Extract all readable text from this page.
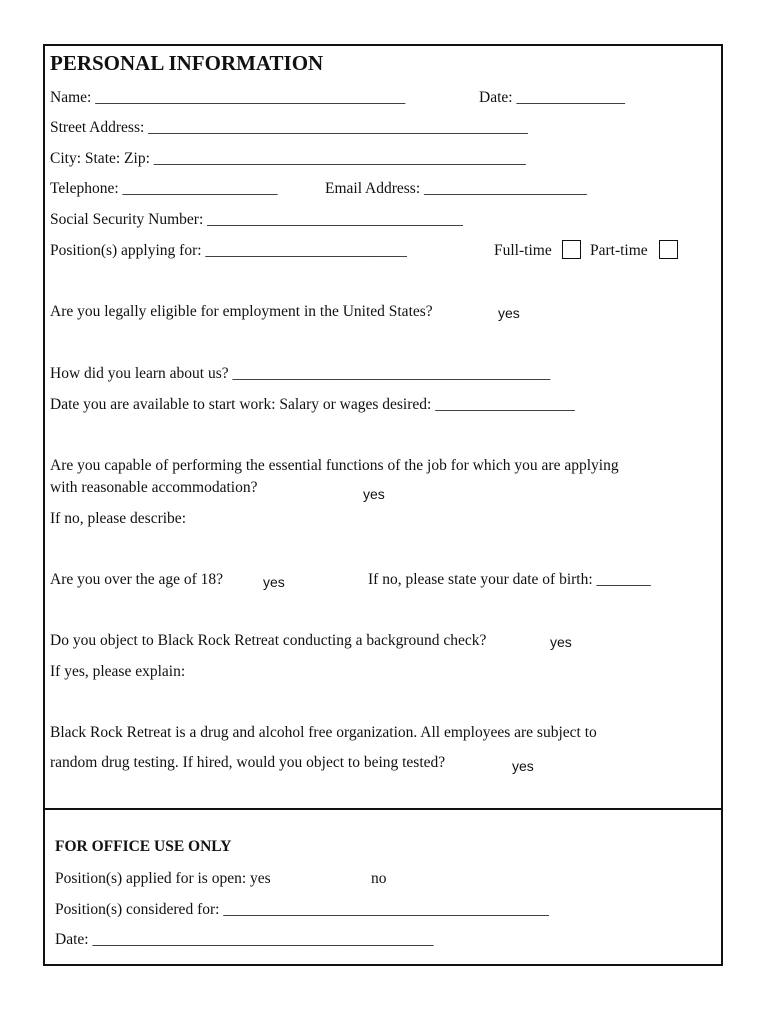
PERSONAL INFORMATION
Name: ________________________________________	Date: ______________
Street Address: _________________________________________________
City: State: Zip: ________________________________________________
Telephone: ____________________	Email Address: _____________________
Social Security Number: _________________________________
Position(s) applying for: __________________________	Full-time Part-time
Are you legally eligible for employment in the United States?	yes
How did you learn about us? _________________________________________
Date you are available to start work: Salary or wages desired: __________________
Are you capable of performing the essential functions of the job for which you are applying
with reasonable accommodation?	yes
If no, please describe:
Are you over the age of 18?	yes	If no, please state your date of birth: _______
Do you object to Black Rock Retreat conducting a background check?	yes
If yes, please explain:
Black Rock Retreat is a drug and alcohol free organization. All employees are subject to
random drug testing. If hired, would you object to being tested?	yes
FOR OFFICE USE ONLY
Position(s) applied for is open: yes	no
Position(s) considered for: __________________________________________
Date: ____________________________________________
